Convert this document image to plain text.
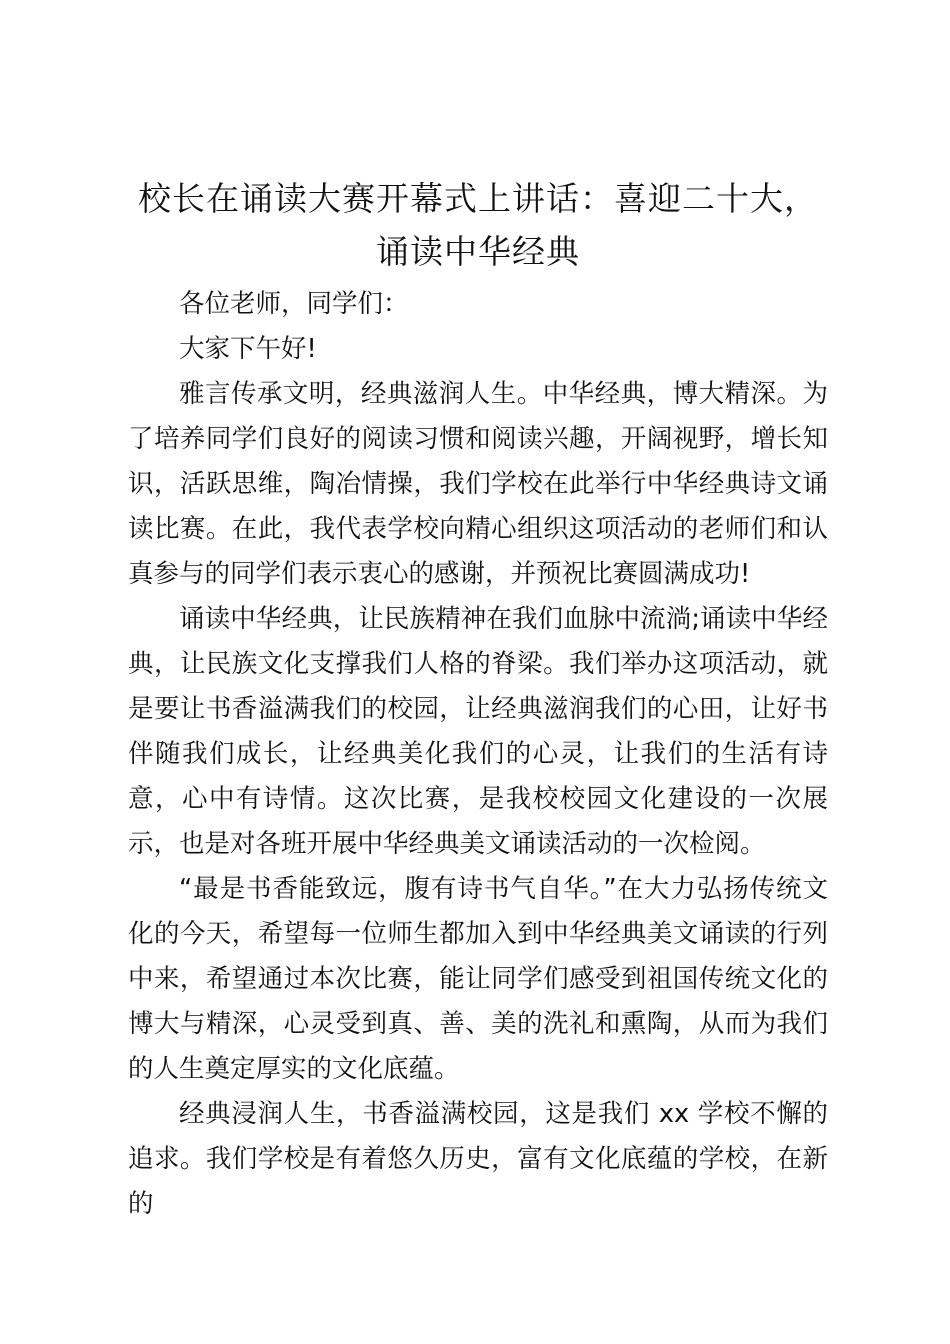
校长在诵读大赛开幕式上讲话：喜迎二十大，
诵读中华经典

各位老师，同学们：

大家下午好!

雅言传承文明，经典滋润人生。中华经典，博大精深。为了培养同学们良好的阅读习惯和阅读兴趣，开阔视野，增长知识，活跃思维，陶冶情操，我们学校在此举行中华经典诗文诵读比赛。在此，我代表学校向精心组织这项活动的老师们和认真参与的同学们表示衷心的感谢，并预祝比赛圆满成功!

诵读中华经典，让民族精神在我们血脉中流淌;诵读中华经典，让民族文化支撑我们人格的脊梁。我们举办这项活动，就是要让书香溢满我们的校园，让经典滋润我们的心田，让好书伴随我们成长，让经典美化我们的心灵，让我们的生活有诗意，心中有诗情。这次比赛，是我校校园文化建设的一次展示，也是对各班开展中华经典美文诵读活动的一次检阅。

“最是书香能致远，腹有诗书气自华。”在大力弘扬传统文化的今天，希望每一位师生都加入到中华经典美文诵读的行列中来，希望通过本次比赛，能让同学们感受到祖国传统文化的博大与精深，心灵受到真、善、美的洗礼和熏陶，从而为我们的人生奠定厚实的文化底蕴。

经典浸润人生，书香溢满校园，这是我们 xx 学校不懈的追求。我们学校是有着悠久历史，富有文化底蕴的学校，在新的
